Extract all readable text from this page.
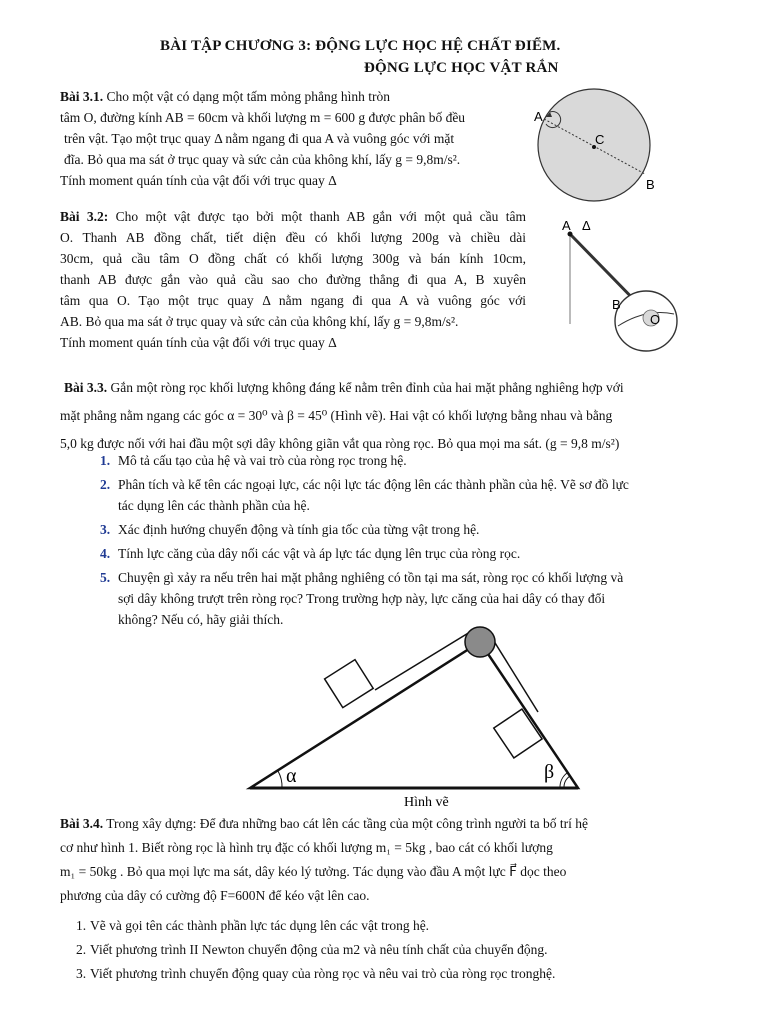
BÀI TẬP CHƯƠNG 3: ĐỘNG LỰC HỌC HỆ CHẤT ĐIỂM.
ĐỘNG LỰC HỌC VẬT RẮN
Bài 3.1. Cho một vật có dạng một tấm mỏng phẳng hình tròn
tâm O, đường kính AB = 60cm và khối lượng m = 600 g được phân bố đều
trên vật. Tạo một trục quay Δ nằm ngang đi qua A và vuông góc với mặt
đĩa. Bỏ qua ma sát ở trục quay và sức cản của không khí, lấy g = 9,8m/s².
Tính moment quán tính của vật đối với trục quay Δ
A
C
B
Bài 3.2: Cho một vật được tạo bởi một thanh AB gắn với một quả cầu tâm
O. Thanh AB đồng chất, tiết diện đều có khối lượng 200g và chiều dài
30cm, quả cầu tâm O đồng chất có khối lượng 300g và bán kính 10cm,
thanh AB được gắn vào quả cầu sao cho đường thẳng đi qua A, B xuyên
tâm qua O. Tạo một trục quay Δ nằm ngang đi qua A và vuông góc với
AB. Bỏ qua ma sát ở trục quay và sức cản của không khí, lấy g = 9,8m/s².
Tính moment quán tính của vật đối với trục quay Δ
A Δ
B
O
Bài 3.3. Gắn một ròng rọc khối lượng không đáng kể nằm trên đỉnh của hai mặt phẳng nghiêng hợp với
mặt phẳng nằm ngang các góc α = 30⁰ và β = 45⁰ (Hình vẽ). Hai vật có khối lượng bằng nhau và bằng
5,0 kg được nối với hai đầu một sợi dây không giãn vắt qua ròng rọc. Bỏ qua mọi ma sát. (g = 9,8 m/s²)
1. Mô tả cấu tạo của hệ và vai trò của ròng rọc trong hệ.
2. Phân tích và kể tên các ngoại lực, các nội lực tác động lên các thành phần của hệ. Vẽ sơ đồ lực
tác dụng lên các thành phần của hệ.
3. Xác định hướng chuyển động và tính gia tốc của từng vật trong hệ.
4. Tính lực căng của dây nối các vật và áp lực tác dụng lên trục của ròng rọc.
5. Chuyện gì xảy ra nếu trên hai mặt phẳng nghiêng có tồn tại ma sát, ròng rọc có khối lượng và
sợi dây không trượt trên ròng rọc? Trong trường hợp này, lực căng của hai dây có thay đổi
không? Nếu có, hãy giải thích.
α	β
Hình vẽ
Bài 3.4. Trong xây dựng: Để đưa những bao cát lên các tầng của một công trình người ta bố trí hệ
cơ như hình 1. Biết ròng rọc là hình trụ đặc có khối lượng m₁ = 5kg , bao cát có khối lượng
m₁ = 50kg . Bỏ qua mọi lực ma sát, dây kéo lý tưởng. Tác dụng vào đầu A một lực F⃗ dọc theo
phương của dây có cường độ F=600N để kéo vật lên cao.
1. Vẽ và gọi tên các thành phần lực tác dụng lên các vật trong hệ.
2. Viết phương trình II Newton chuyển động của m2 và nêu tính chất của chuyển động.
3. Viết phương trình chuyển động quay của ròng rọc và nêu vai trò của ròng rọc tronghệ.
